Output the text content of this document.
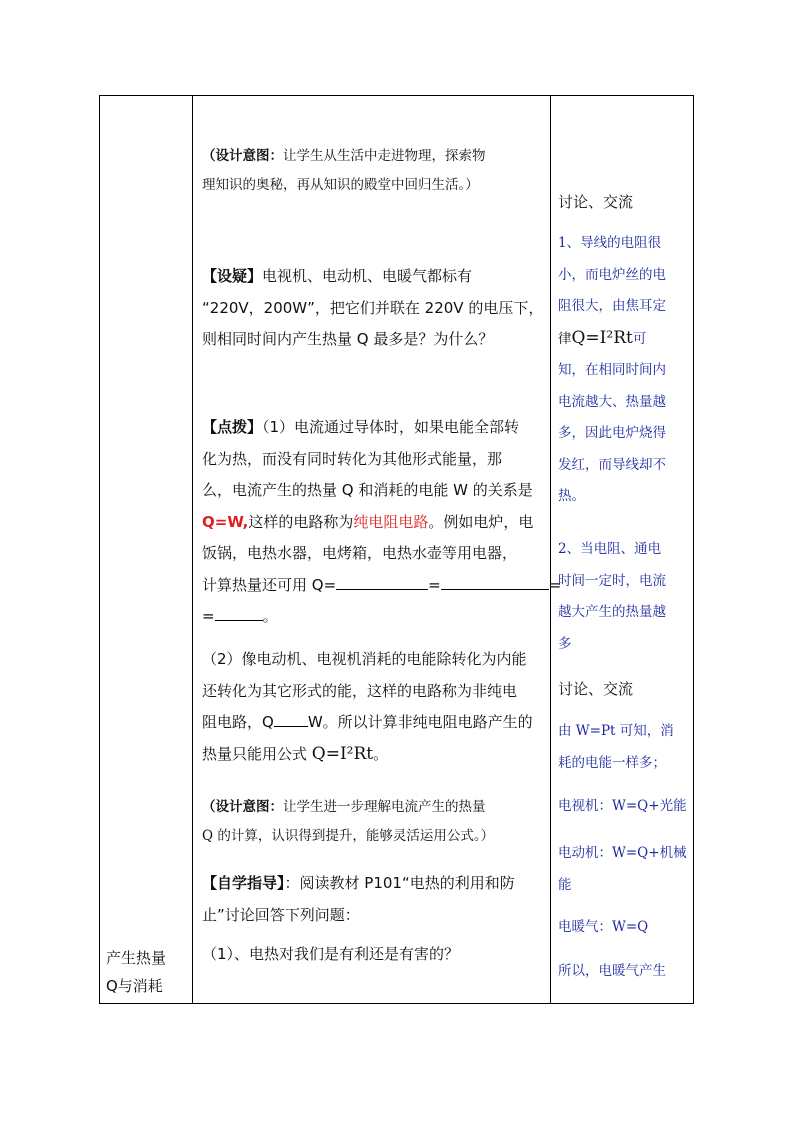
产生热量
Q与消耗
（设计意图：让学生从生活中走进物理，探索物
理知识的奥秘，再从知识的殿堂中回归生活。）
【设疑】电视机、电动机、电暖气都标有
“220V，200W”，把它们并联在 220V 的电压下，
则相同时间内产生热量 Q 最多是？为什么？
【点拨】（1）电流通过导体时，如果电能全部转
化为热，而没有同时转化为其他形式能量，那
么，电流产生的热量 Q 和消耗的电能 W 的关系是
Q=W,这样的电路称为纯电阻电路。例如电炉，电
饭锅，电热水器，电烤箱，电热水壶等用电器，
计算热量还可用 Q=	=	=
=	。
（2）像电动机、电视机消耗的电能除转化为内能
还转化为其它形式的能，这样的电路称为非纯电
阻电路，Q W。所以计算非纯电阻电路产生的
热量只能用公式 Q=I²Rt。
（设计意图：让学生进一步理解电流产生的热量
Q 的计算，认识得到提升，能够灵活运用公式。）
【自学指导】：阅读教材 P101“电热的利用和防
止”讨论回答下列问题：
（1）、电热对我们是有利还是有害的？
讨论、交流
1、导线的电阻很
小，而电炉丝的电
阻很大，由焦耳定
律Q=I²Rt可
知，在相同时间内
电流越大、热量越
多，因此电炉烧得
发红，而导线却不
热。
2、当电阻、通电
时间一定时，电流
越大产生的热量越
多
讨论、交流
由 W=Pt 可知，消
耗的电能一样多；
电视机：W=Q+光能
电动机：W=Q+机械
能
电暖气：W=Q
所以，电暖气产生
